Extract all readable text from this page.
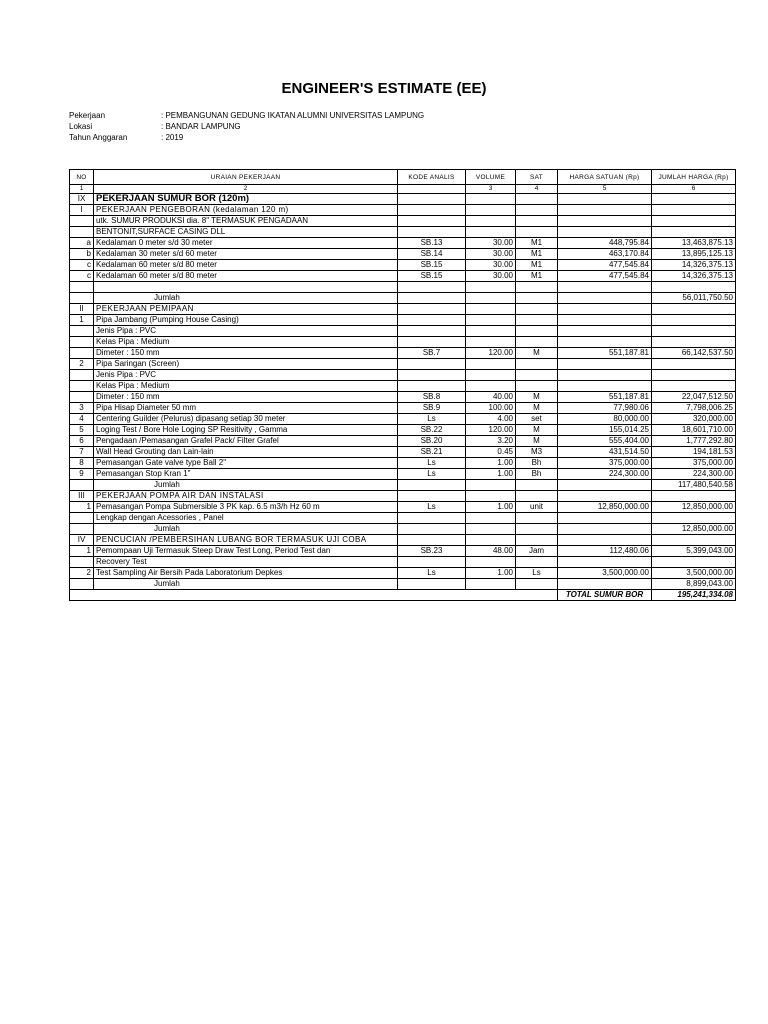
ENGINEER'S ESTIMATE (EE)
Pekerjaan	: PEMBANGUNAN GEDUNG IKATAN ALUMNI UNIVERSITAS LAMPUNG
Lokasi	: BANDAR LAMPUNG
Tahun Anggaran	: 2019
NO	URAIAN PEKERJAAN	KODE ANALIS	VOLUME	SAT	HARGA SATUAN (Rp)	JUMLAH HARGA (Rp)
1	2		3	4	5	6
IX	PEKERJAAN SUMUR BOR (120m)					
I	PEKERJAAN PENGEBORAN (kedalaman 120 m)					
	utk. SUMUR PRODUKSI dia. 8" TERMASUK PENGADAAN					
	BENTONIT,SURFACE CASING DLL					
a	Kedalaman 0 meter s/d 30 meter	SB.13	30.00	M1	448,795.84	13,463,875.13
b	Kedalaman 30 meter s/d 60 meter	SB.14	30.00	M1	463,170.84	13,895,125.13
c	Kedalaman 60 meter s/d 80 meter	SB.15	30.00	M1	477,545.84	14,326,375.13
c	Kedalaman 60 meter s/d 80 meter	SB.15	30.00	M1	477,545.84	14,326,375.13

	Jumlah					56,011,750.50
II	PEKERJAAN PEMIPAAN					
1	Pipa Jambang (Pumping House Casing)					
	Jenis Pipa : PVC					
	Kelas Pipa : Medium					
	Dimeter : 150 mm	SB.7	120.00	M	551,187.81	66,142,537.50
2	Pipa Saringan (Screen)					
	Jenis Pipa : PVC					
	Kelas Pipa : Medium					
	Dimeter : 150 mm	SB.8	40.00	M	551,187.81	22,047,512.50
3	Pipa Hisap Diameter 50 mm	SB.9	100.00	M	77,980.06	7,798,006.25
4	Centering Guilder (Pelurus) dipasang setiap 30 meter	Ls	4.00	set	80,000.00	320,000.00
5	Loging Test / Bore Hole Loging SP Resitivity , Gamma	SB.22	120.00	M	155,014.25	18,601,710.00
6	Pengadaan /Pemasangan Grafel Pack/ Filter Grafel	SB.20	3.20	M	555,404.00	1,777,292.80
7	Wall Head Grouting dan Lain-lain	SB.21	0.45	M3	431,514.50	194,181.53
8	Pemasangan Gate valve type Ball 2"	Ls	1.00	Bh	375,000.00	375,000.00
9	Pemasangan Stop Kran 1"	Ls	1.00	Bh	224,300.00	224,300.00
	Jumlah					117,480,540.58
III	PEKERJAAN POMPA AIR DAN INSTALASI					
1	Pemasangan Pompa Submersible 3 PK kap. 6.5 m3/h Hz 60 m	Ls	1.00	unit	12,850,000.00	12,850,000.00
	Lengkap dengan Acessories , Panel					
	Jumlah					12,850,000.00
IV	PENCUCIAN /PEMBERSIHAN LUBANG BOR TERMASUK UJI COBA					
1	Pemompaan Uji Termasuk Steep Draw Test Long, Period Test dan	SB.23	48.00	Jam	112,480.06	5,399,043.00
	Recovery Test					
2	Test Sampling Air Bersih Pada Laboratorium Depkes	Ls	1.00	Ls	3,500,000.00	3,500,000.00
	Jumlah					8,899,043.00
					TOTAL SUMUR BOR	195,241,334.08
